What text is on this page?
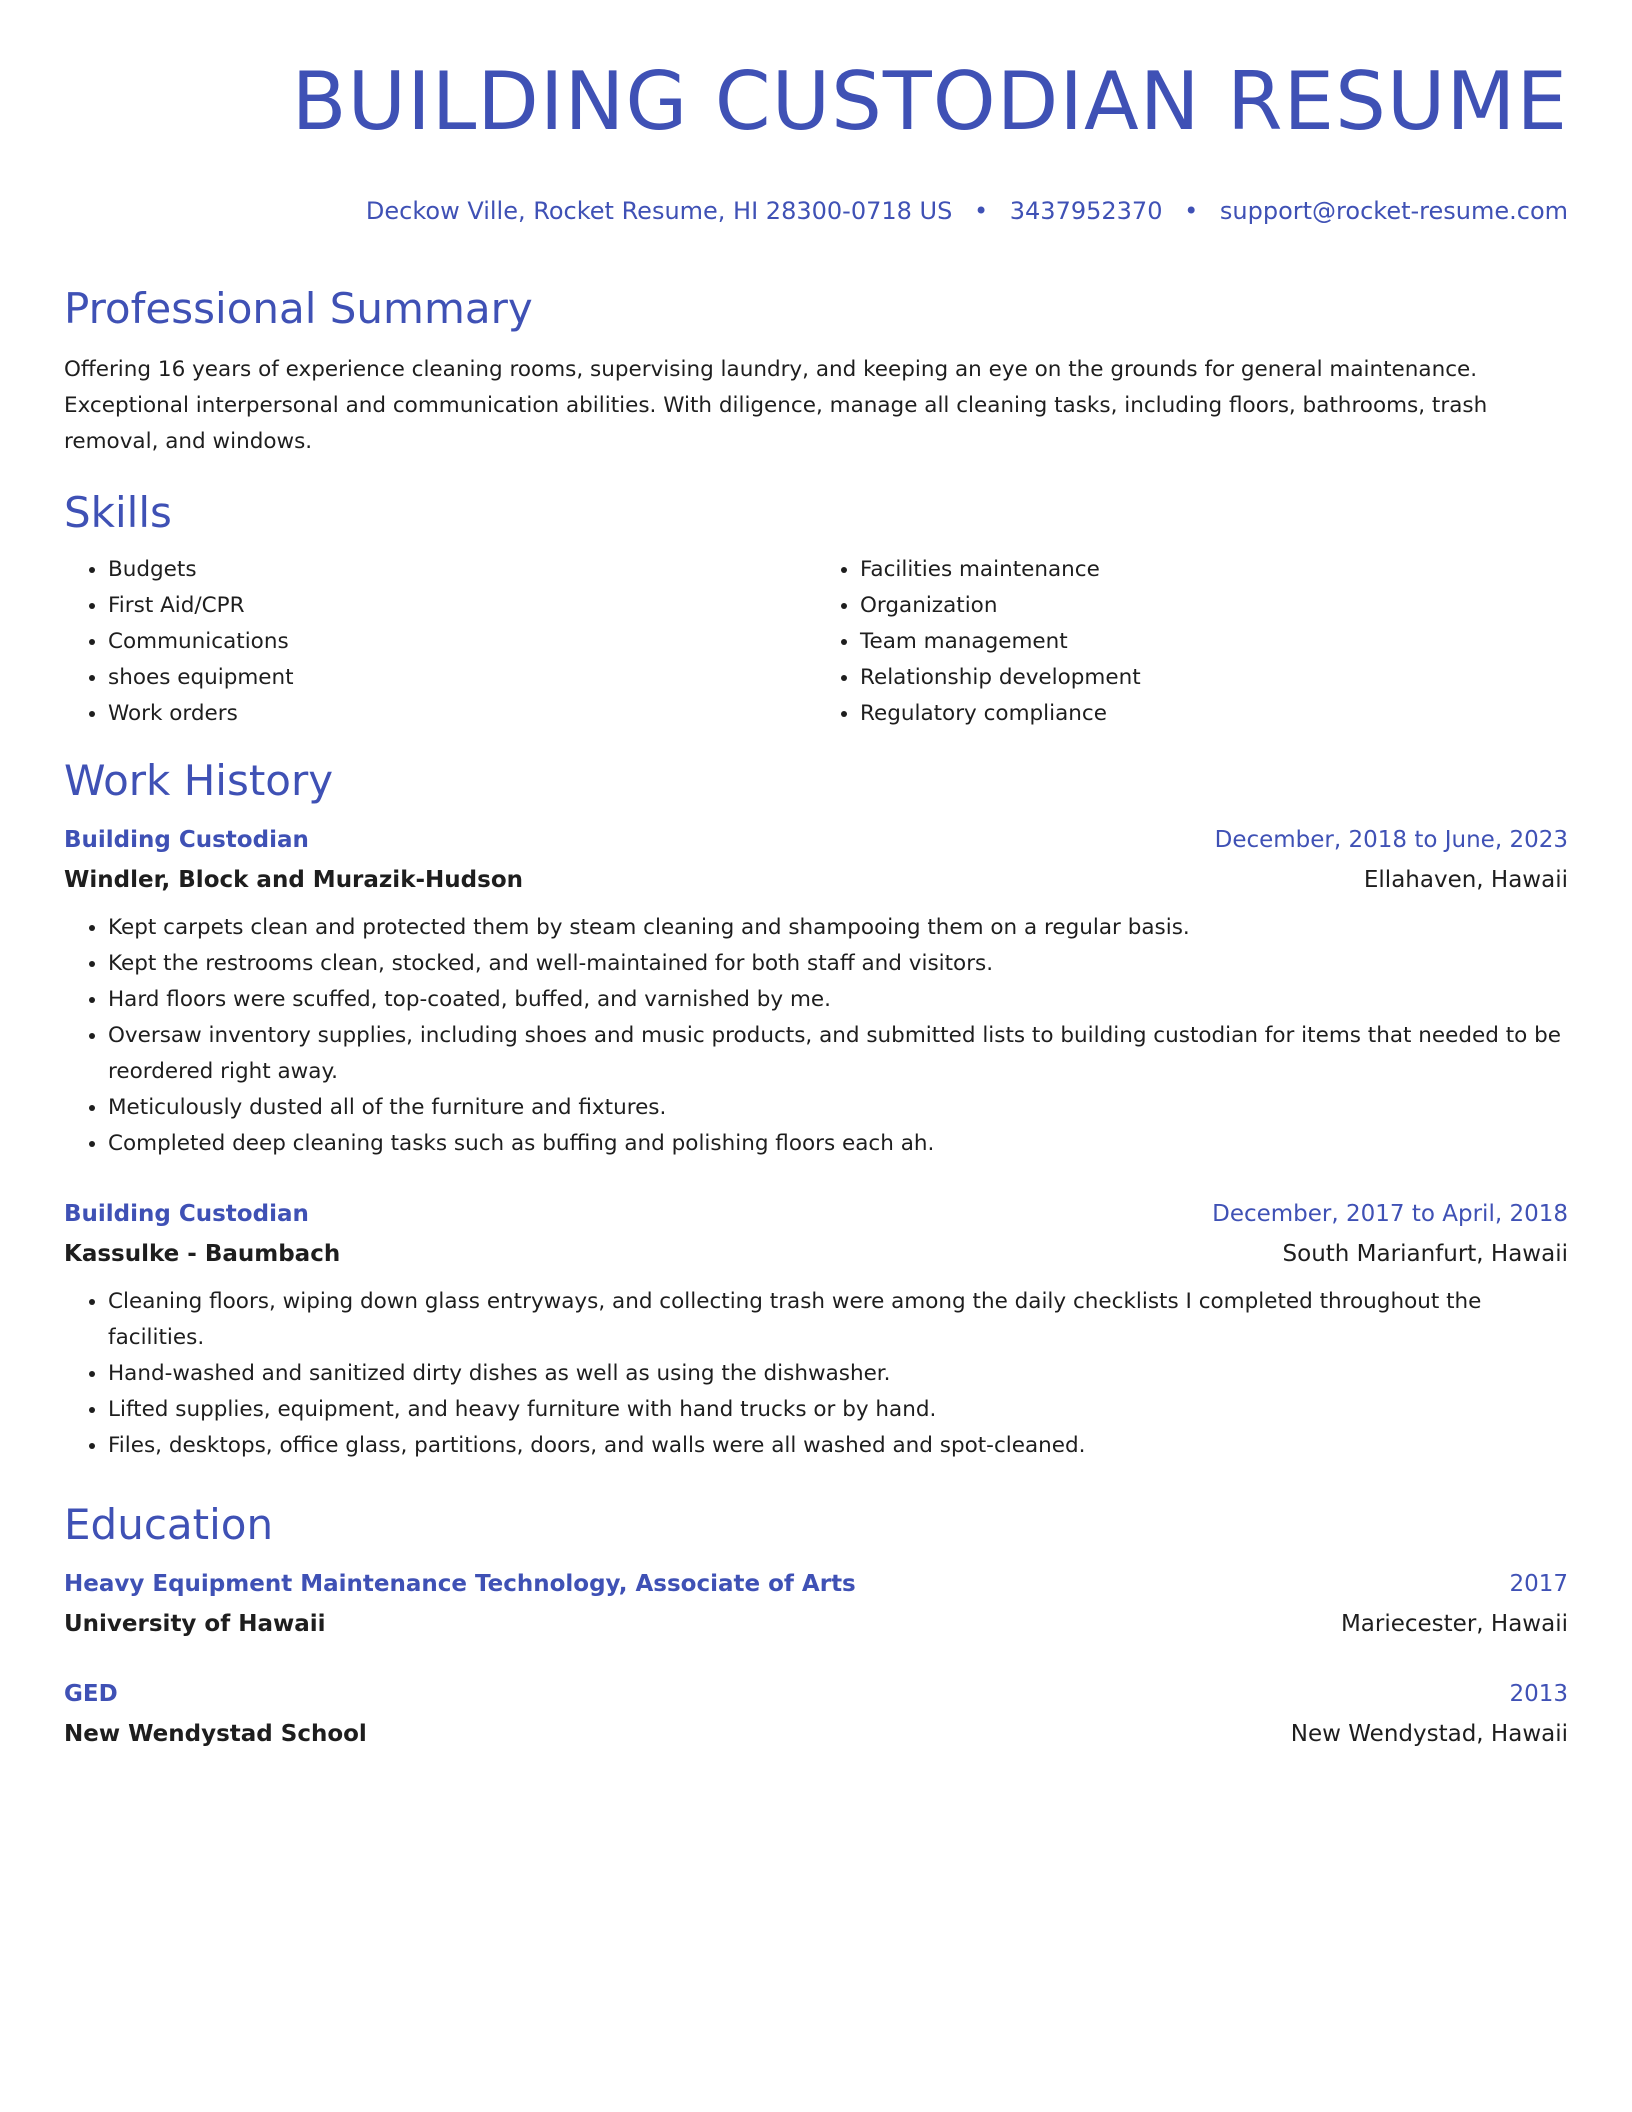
BUILDING CUSTODIAN RESUME
Deckow Ville, Rocket Resume, HI 28300-0718 US • 3437952370 • support@rocket-resume.com
Professional Summary

Offering 16 years of experience cleaning rooms, supervising laundry, and keeping an eye on the grounds for general maintenance. Exceptional interpersonal and communication abilities. With diligence, manage all cleaning tasks, including floors, bathrooms, trash removal, and windows.

Skills
• Budgets
• First Aid/CPR
• Communications
• shoes equipment
• Work orders
• Facilities maintenance
• Organization
• Team management
• Relationship development
• Regulatory compliance
Work History
Building Custodian	December, 2018 to June, 2023
Windler, Block and Murazik-Hudson	Ellahaven, Hawaii
• Kept carpets clean and protected them by steam cleaning and shampooing them on a regular basis.
• Kept the restrooms clean, stocked, and well-maintained for both staff and visitors.
• Hard floors were scuffed, top-coated, buffed, and varnished by me.
• Oversaw inventory supplies, including shoes and music products, and submitted lists to building custodian for items that needed to be reordered right away.
• Meticulously dusted all of the furniture and fixtures.
• Completed deep cleaning tasks such as buffing and polishing floors each ah.
Building Custodian	December, 2017 to April, 2018
Kassulke - Baumbach	South Marianfurt, Hawaii
• Cleaning floors, wiping down glass entryways, and collecting trash were among the daily checklists I completed throughout the facilities.
• Hand-washed and sanitized dirty dishes as well as using the dishwasher.
• Lifted supplies, equipment, and heavy furniture with hand trucks or by hand.
• Files, desktops, office glass, partitions, doors, and walls were all washed and spot-cleaned.
Education
Heavy Equipment Maintenance Technology, Associate of Arts	2017
University of Hawaii	Mariecester, Hawaii
GED	2013
New Wendystad School	New Wendystad, Hawaii
